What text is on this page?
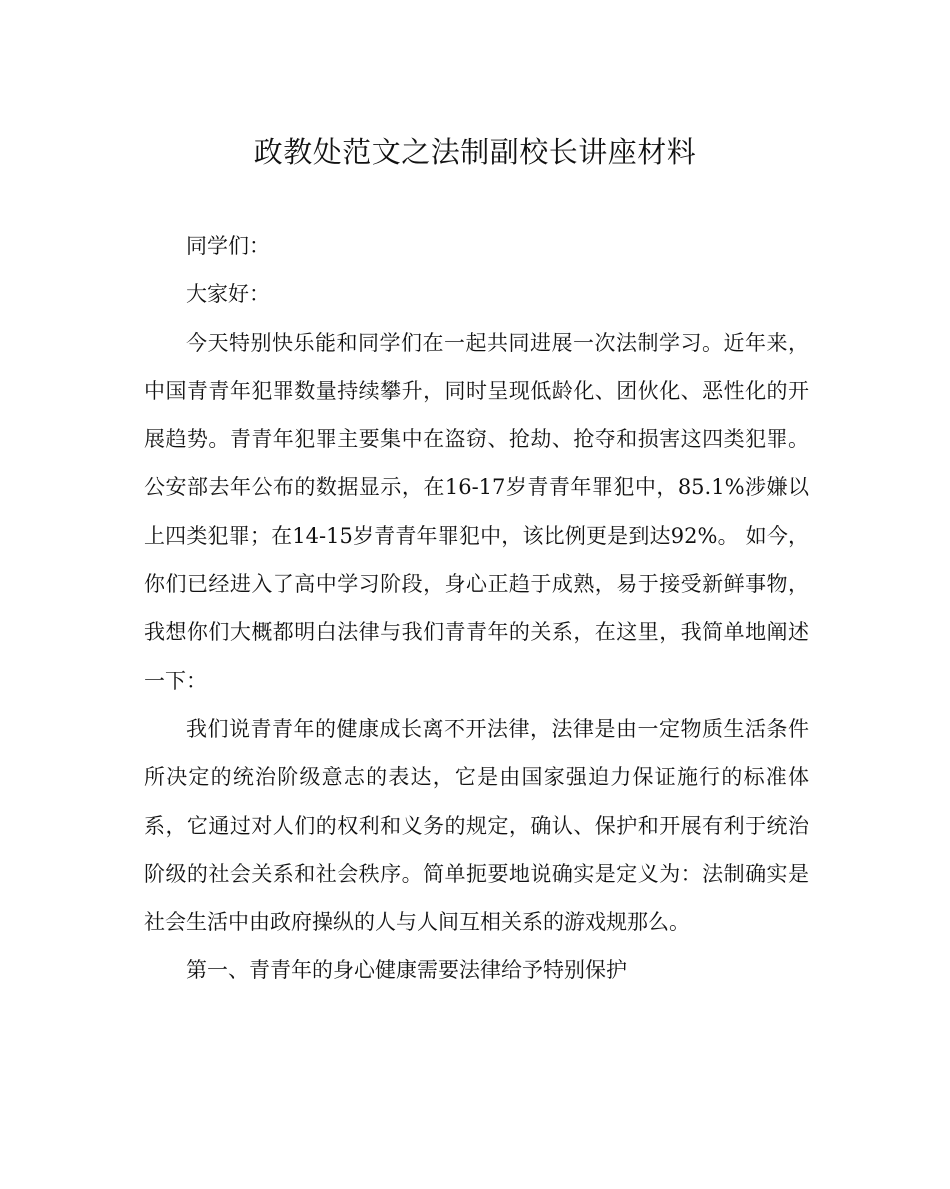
政教处范文之法制副校长讲座材料

同学们：

大家好：

今天特别快乐能和同学们在一起共同进展一次法制学习。近年来，中国青青年犯罪数量持续攀升，同时呈现低龄化、团伙化、恶性化的开展趋势。青青年犯罪主要集中在盗窃、抢劫、抢夺和损害这四类犯罪。公安部去年公布的数据显示，在16-17岁青青年罪犯中，85.1%涉嫌以上四类犯罪；在14-15岁青青年罪犯中，该比例更是到达92%。 如今，你们已经进入了高中学习阶段，身心正趋于成熟，易于接受新鲜事物，我想你们大概都明白法律与我们青青年的关系，在这里，我简单地阐述一下：

我们说青青年的健康成长离不开法律，法律是由一定物质生活条件所决定的统治阶级意志的表达，它是由国家强迫力保证施行的标准体系，它通过对人们的权利和义务的规定，确认、保护和开展有利于统治阶级的社会关系和社会秩序。简单扼要地说确实是定义为：法制确实是社会生活中由政府操纵的人与人间互相关系的游戏规那么。

第一、青青年的身心健康需要法律给予特别保护
